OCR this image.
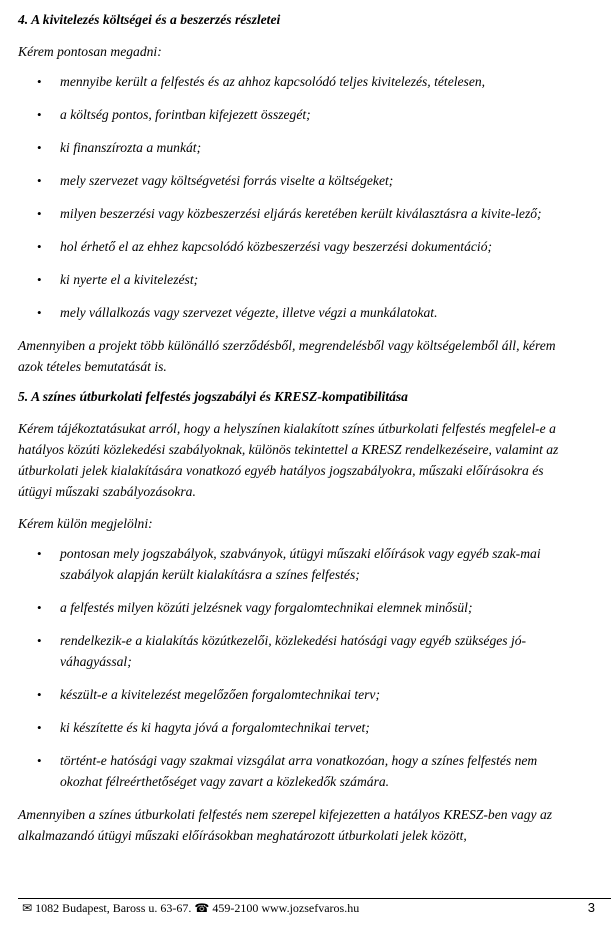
4. A kivitelezés költségei és a beszerzés részletei
Kérem pontosan megadni:
• mennyibe került a felfestés és az ahhoz kapcsolódó teljes kivitelezés, tételesen,
• a költség pontos, forintban kifejezett összegét;
• ki finanszírozta a munkát;
• mely szervezet vagy költségvetési forrás viselte a költségeket;
• milyen beszerzési vagy közbeszerzési eljárás keretében került kiválasztásra a kivite-lező;
• hol érhető el az ehhez kapcsolódó közbeszerzési vagy beszerzési dokumentáció;
• ki nyerte el a kivitelezést;
• mely vállalkozás vagy szervezet végezte, illetve végzi a munkálatokat.
Amennyiben a projekt több különálló szerződésből, megrendelésből vagy költségelemből áll, kérem azok tételes bemutatását is.
5. A színes útburkolati felfestés jogszabályi és KRESZ-kompatibilitása
Kérem tájékoztatásukat arról, hogy a helyszínen kialakított színes útburkolati felfestés megfelel-e a hatályos közúti közlekedési szabályoknak, különös tekintettel a KRESZ rendelkezéseire, valamint az útburkolati jelek kialakítására vonatkozó egyéb hatályos jogszabályokra, műszaki előírásokra és útügyi műszaki szabályozásokra.
Kérem külön megjelölni:
• pontosan mely jogszabályok, szabványok, útügyi műszaki előírások vagy egyéb szak-mai szabályok alapján került kialakításra a színes felfestés;
• a felfestés milyen közúti jelzésnek vagy forgalomtechnikai elemnek minősül;
• rendelkezik-e a kialakítás közútkezelői, közlekedési hatósági vagy egyéb szükséges jó-váhagyással;
• készült-e a kivitelezést megelőzően forgalomtechnikai terv;
• ki készítette és ki hagyta jóvá a forgalomtechnikai tervet;
• történt-e hatósági vagy szakmai vizsgálat arra vonatkozóan, hogy a színes felfestés nem okozhat félreérthetőséget vagy zavart a közlekedők számára.
Amennyiben a színes útburkolati felfestés nem szerepel kifejezetten a hatályos KRESZ-ben vagy az alkalmazandó útügyi műszaki előírásokban meghatározott útburkolati jelek között,
✉ 1082 Budapest, Baross u. 63-67. ☎ 459-2100 www.jozsefvaros.hu	3
